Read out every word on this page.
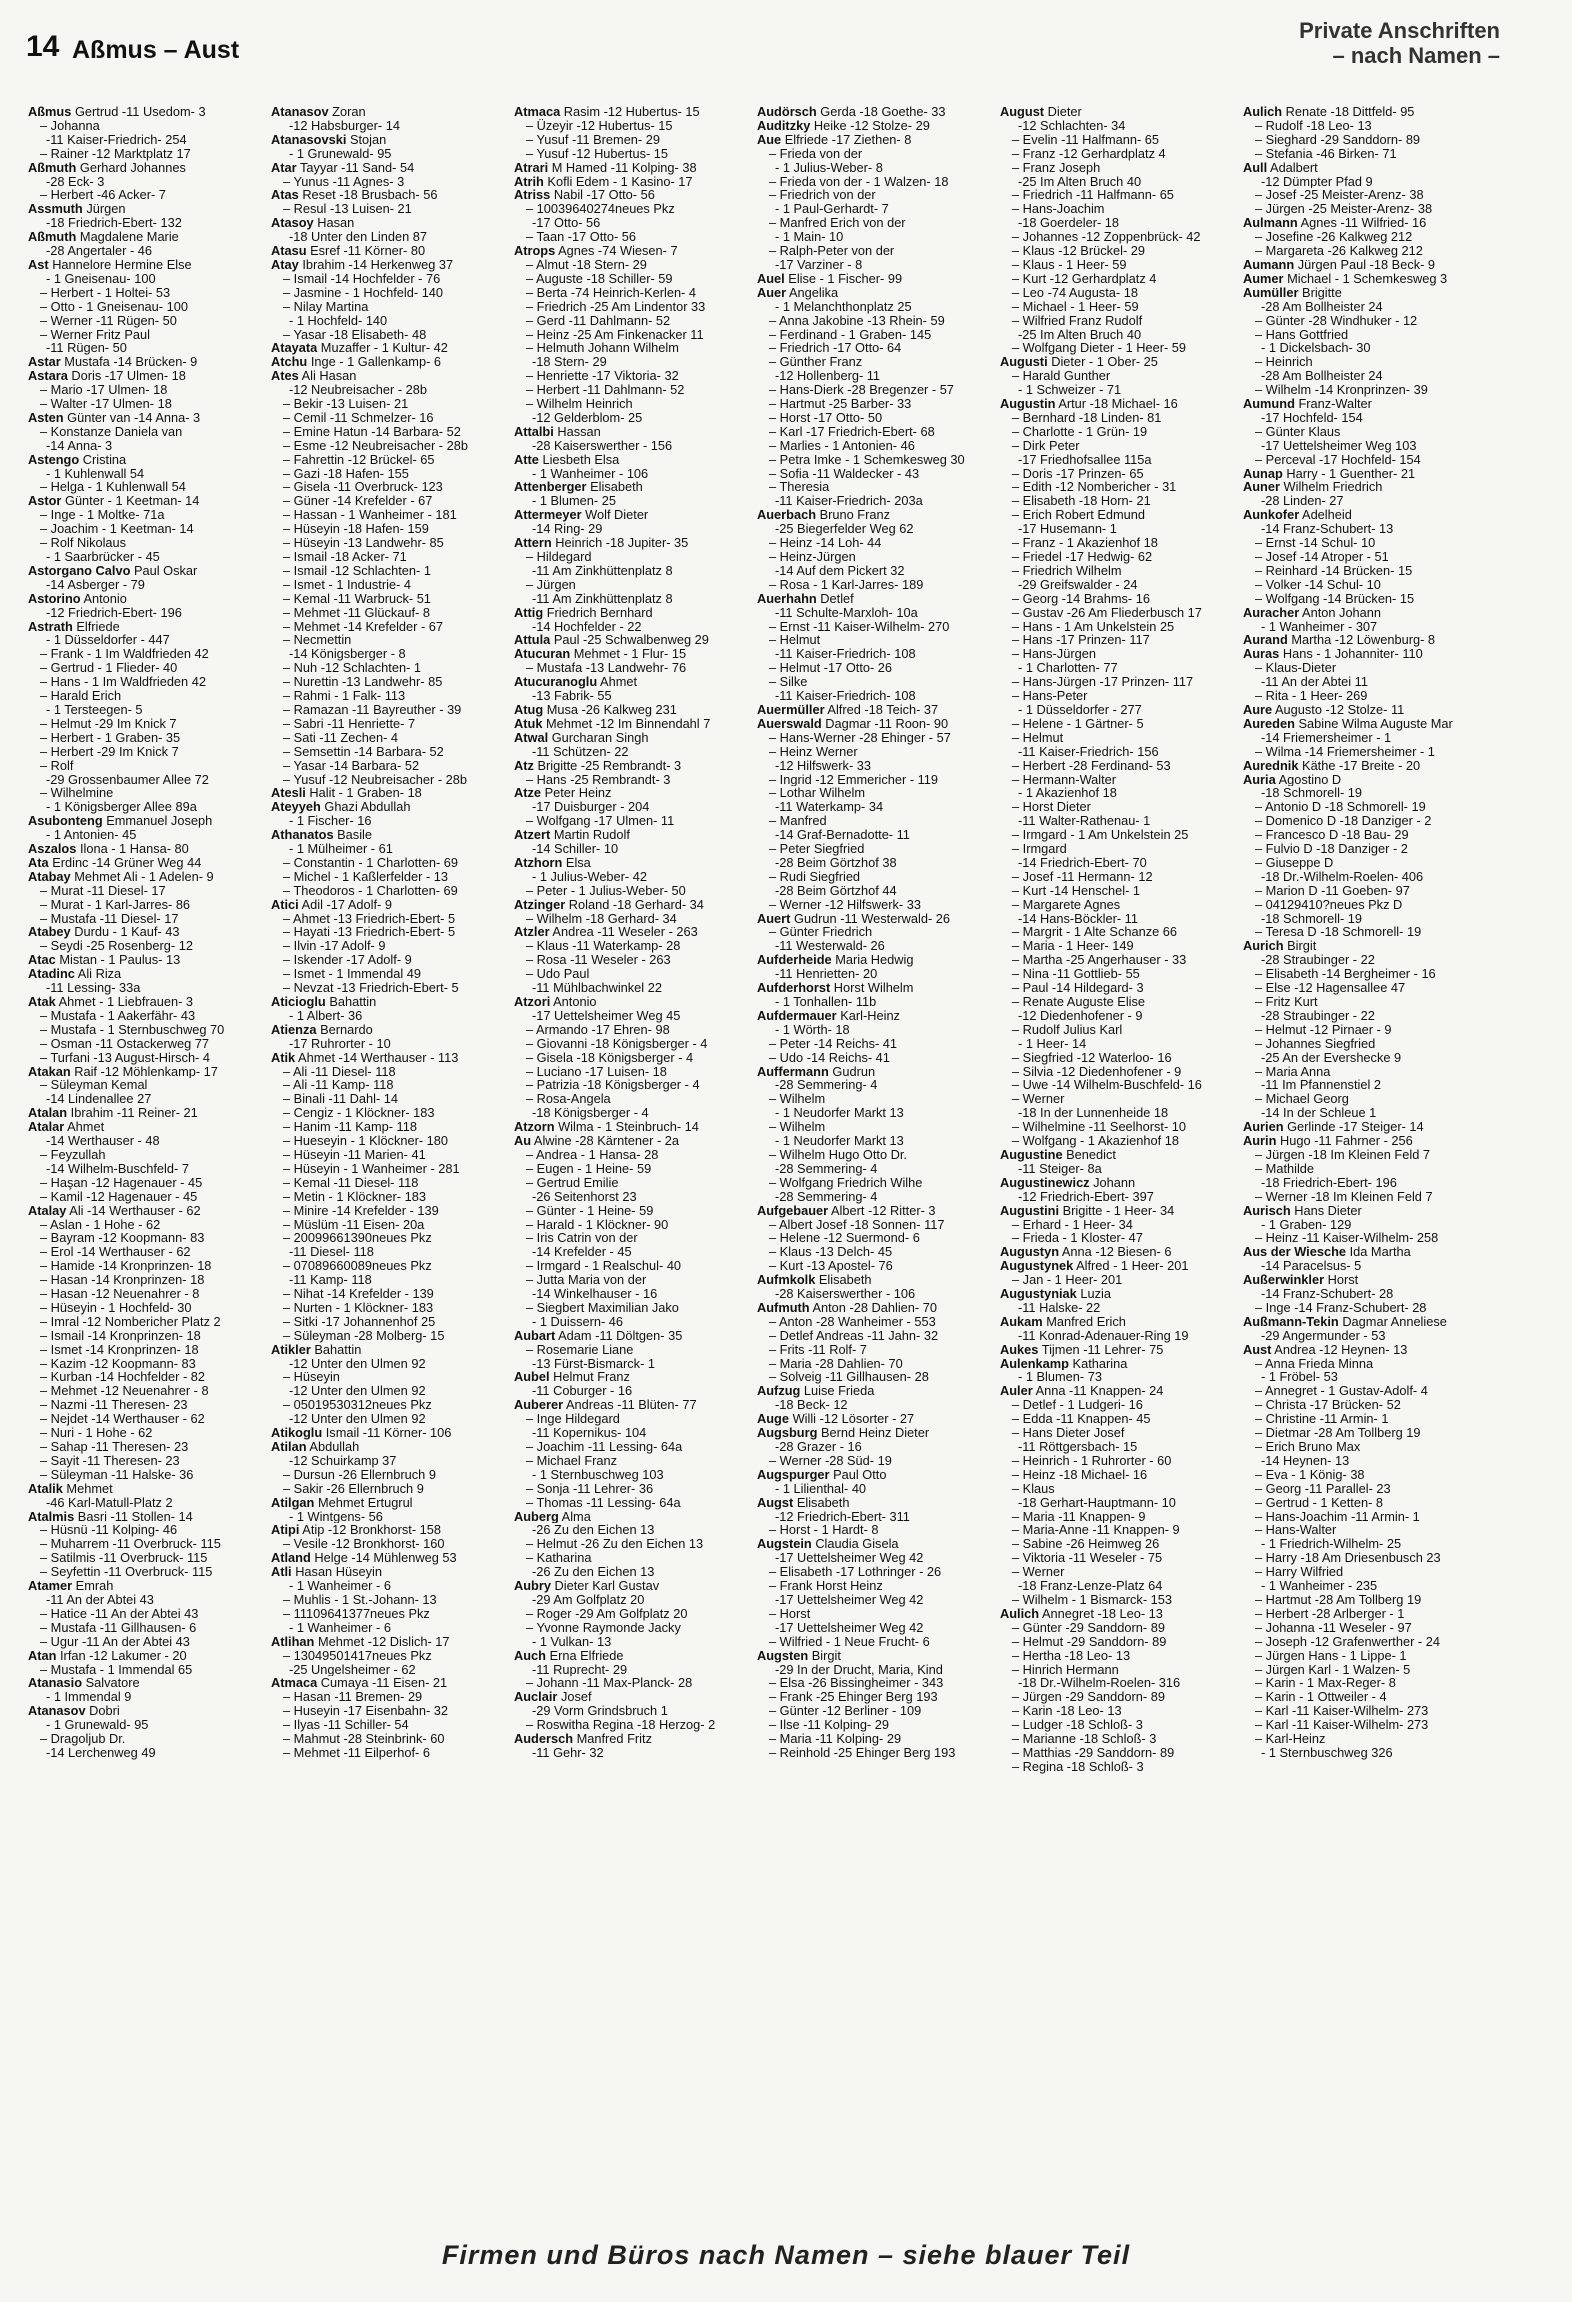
14 Aßmus – Aust
Private Anschriften
– nach Namen –
Aßmus Gertrud -11 Usedom- 3
– Johanna
-11 Kaiser-Friedrich- 254
– Rainer -12 Marktplatz 17
Aßmuth Gerhard Johannes
-28 Eck- 3
– Herbert -46 Acker- 7
Assmuth Jürgen
-18 Friedrich-Ebert- 132
Aßmuth Magdalene Marie
-28 Angertaler - 46
Ast Hannelore Hermine Else
- 1 Gneisenau- 100
– Herbert - 1 Holtei- 53
– Otto - 1 Gneisenau- 100
– Werner -11 Rügen- 50
– Werner Fritz Paul
-11 Rügen- 50
Astar Mustafa -14 Brücken- 9
Astara Doris -17 Ulmen- 18
– Mario -17 Ulmen- 18
– Walter -17 Ulmen- 18
Asten Günter van -14 Anna- 3
– Konstanze Daniela van
-14 Anna- 3
Astengo Cristina
- 1 Kuhlenwall 54
– Helga - 1 Kuhlenwall 54
Astor Günter - 1 Keetman- 14
– Inge - 1 Moltke- 71a
– Joachim - 1 Keetman- 14
– Rolf Nikolaus
- 1 Saarbrücker - 45
Astorgano Calvo Paul Oskar
-14 Asberger - 79
Astorino Antonio
-12 Friedrich-Ebert- 196
Astrath Elfriede
- 1 Düsseldorfer - 447
– Frank - 1 Im Waldfrieden 42
– Gertrud - 1 Flieder- 40
– Hans - 1 Im Waldfrieden 42
– Harald Erich
- 1 Tersteegen- 5
– Helmut -29 Im Knick 7
– Herbert - 1 Graben- 35
– Herbert -29 Im Knick 7
– Rolf
-29 Grossenbaumer Allee 72
– Wilhelmine
- 1 Königsberger Allee 89a
Asubonteng Emmanuel Joseph
- 1 Antonien- 45
Aszalos Ilona - 1 Hansa- 80
Ata Erdinc -14 Grüner Weg 44
Atabay Mehmet Ali - 1 Adelen- 9
– Murat -11 Diesel- 17
– Murat - 1 Karl-Jarres- 86
– Mustafa -11 Diesel- 17
Atabey Durdu - 1 Kauf- 43
– Seydi -25 Rosenberg- 12
Atac Mistan - 1 Paulus- 13
Atadinc Ali Riza
-11 Lessing- 33a
Atak Ahmet - 1 Liebfrauen- 3
– Mustafa - 1 Aakerfähr- 43
– Mustafa - 1 Sternbuschweg 70
– Osman -11 Ostackerweg 77
– Turfani -13 August-Hirsch- 4
Atakan Raif -12 Möhlenkamp- 17
– Süleyman Kemal
-14 Lindenallee 27
Atalan Ibrahim -11 Reiner- 21
Atalar Ahmet
-14 Werthauser - 48
– Feyzullah
-14 Wilhelm-Buschfeld- 7
– Haşan -12 Hagenauer - 45
– Kamil -12 Hagenauer - 45
Atalay Ali -14 Werthauser - 62
– Aslan - 1 Hohe - 62
– Bayram -12 Koopmann- 83
– Erol -14 Werthauser - 62
– Hamide -14 Kronprinzen- 18
– Hasan -14 Kronprinzen- 18
– Hasan -12 Neuenahrer - 8
– Hüseyin - 1 Hochfeld- 30
– Imral -12 Nombericher Platz 2
– Ismail -14 Kronprinzen- 18
– Ismet -14 Kronprinzen- 18
– Kazim -12 Koopmann- 83
– Kurban -14 Hochfelder - 82
– Mehmet -12 Neuenahrer - 8
– Nazmi -11 Theresen- 23
– Nejdet -14 Werthauser - 62
– Nuri - 1 Hohe - 62
– Sahap -11 Theresen- 23
– Sayit -11 Theresen- 23
– Süleyman -11 Halske- 36
Atalik Mehmet
-46 Karl-Matull-Platz 2
Atalmis Basri -11 Stollen- 14
– Hüsnü -11 Kolping- 46
– Muharrem -11 Overbruck- 115
– Satilmis -11 Overbruck- 115
– Seyfettin -11 Overbruck- 115
Atamer Emrah
-11 An der Abtei 43
– Hatice -11 An der Abtei 43
– Mustafa -11 Gillhausen- 6
– Ugur -11 An der Abtei 43
Atan Irfan -12 Lakumer - 20
– Mustafa - 1 Immendal 65
Atanasio Salvatore
- 1 Immendal 9
Atanasov Dobri
- 1 Grunewald- 95
– Dragoljub Dr.
-14 Lerchenweg 49
Atanasov Zoran
-12 Habsburger- 14
Atanasovski Stojan
- 1 Grunewald- 95
Atar Tayyar -11 Sand- 54
– Yunus -11 Agnes- 3
Atas Reset -18 Brusbach- 56
– Resul -13 Luisen- 21
Atasoy Hasan
-18 Unter den Linden 87
Atasu Esref -11 Körner- 80
Atay Ibrahim -14 Herkenweg 37
– Ismail -14 Hochfelder - 76
– Jasmine - 1 Hochfeld- 140
– Nilay Martina
- 1 Hochfeld- 140
– Yasar -18 Elisabeth- 48
Atayata Muzaffer - 1 Kultur- 42
Atchu Inge - 1 Gallenkamp- 6
Ates Ali Hasan
-12 Neubreisacher - 28b
– Bekir -13 Luisen- 21
– Cemil -11 Schmelzer- 16
– Emine Hatun -14 Barbara- 52
– Esme -12 Neubreisacher - 28b
– Fahrettin -12 Brückel- 65
– Gazi -18 Hafen- 155
– Gisela -11 Overbruck- 123
– Güner -14 Krefelder - 67
– Hassan - 1 Wanheimer - 181
– Hüseyin -18 Hafen- 159
– Hüseyin -13 Landwehr- 85
– Ismail -18 Acker- 71
– Ismail -12 Schlachten- 1
– Ismet - 1 Industrie- 4
– Kemal -11 Warbruck- 51
– Mehmet -11 Glückauf- 8
– Mehmet -14 Krefelder - 67
– Necmettin
-14 Königsberger - 8
– Nuh -12 Schlachten- 1
– Nurettin -13 Landwehr- 85
– Rahmi - 1 Falk- 113
– Ramazan -11 Bayreuther - 39
– Sabri -11 Henriette- 7
– Sati -11 Zechen- 4
– Semsettin -14 Barbara- 52
– Yasar -14 Barbara- 52
– Yusuf -12 Neubreisacher - 28b
Atesli Halit - 1 Graben- 18
Ateyyeh Ghazi Abdullah
- 1 Fischer- 16
Athanatos Basile
- 1 Mülheimer - 61
– Constantin - 1 Charlotten- 69
– Michel - 1 Kaßlerfelder - 13
– Theodoros - 1 Charlotten- 69
Atici Adil -17 Adolf- 9
– Ahmet -13 Friedrich-Ebert- 5
– Hayati -13 Friedrich-Ebert- 5
– Ilvin -17 Adolf- 9
– Iskender -17 Adolf- 9
– Ismet - 1 Immendal 49
– Nevzat -13 Friedrich-Ebert- 5
Aticioglu Bahattin
- 1 Albert- 36
Atienza Bernardo
-17 Ruhrorter - 10
Atik Ahmet -14 Werthauser - 113
– Ali -11 Diesel- 118
– Ali -11 Kamp- 118
– Binali -11 Dahl- 14
– Cengiz - 1 Klöckner- 183
– Hanim -11 Kamp- 118
– Hueseyin - 1 Klöckner- 180
– Hüseyin -11 Marien- 41
– Hüseyin - 1 Wanheimer - 281
– Kemal -11 Diesel- 118
– Metin - 1 Klöckner- 183
– Minire -14 Krefelder - 139
– Müslüm -11 Eisen- 20a
– 20099661390neues Pkz
-11 Diesel- 118
– 07089660089neues Pkz
-11 Kamp- 118
– Nihat -14 Krefelder - 139
– Nurten - 1 Klöckner- 183
– Sitki -17 Johannenhof 25
– Süleyman -28 Molberg- 15
Atikler Bahattin
-12 Unter den Ulmen 92
– Hüseyin
-12 Unter den Ulmen 92
– 05019530312neues Pkz
-12 Unter den Ulmen 92
Atikoglu Ismail -11 Körner- 106
Atilan Abdullah
-12 Schuirkamp 37
– Dursun -26 Ellernbruch 9
– Sakir -26 Ellernbruch 9
Atilgan Mehmet Ertugrul
- 1 Wintgens- 56
Atipi Atip -12 Bronkhorst- 158
– Vesile -12 Bronkhorst- 160
Atland Helge -14 Mühlenweg 53
Atli Hasan Hüseyin
- 1 Wanheimer - 6
– Muhlis - 1 St.-Johann- 13
– 11109641377neues Pkz
- 1 Wanheimer - 6
Atlihan Mehmet -12 Dislich- 17
– 13049501417neues Pkz
-25 Ungelsheimer - 62
Atmaca Cumaya -11 Eisen- 21
– Hasan -11 Bremen- 29
– Huseyin -17 Eisenbahn- 32
– Ilyas -11 Schiller- 54
– Mahmut -28 Steinbrink- 60
– Mehmet -11 Eilperhof- 6
Atmaca Rasim -12 Hubertus- 15
– Üzeyir -12 Hubertus- 15
– Yusuf -11 Bremen- 29
– Yusuf -12 Hubertus- 15
Atrari M Hamed -11 Kolping- 38
Atrih Kofli Edem - 1 Kasino- 17
Atriss Nabil -17 Otto- 56
– 10039640274neues Pkz
-17 Otto- 56
– Taan -17 Otto- 56
Atrops Agnes -74 Wiesen- 7
– Almut -18 Stern- 29
– Auguste -18 Schiller- 59
– Berta -74 Heinrich-Kerlen- 4
– Friedrich -25 Am Lindentor 33
– Gerd -11 Dahlmann- 52
– Heinz -25 Am Finkenacker 11
– Helmuth Johann Wilhelm
-18 Stern- 29
– Henriette -17 Viktoria- 32
– Herbert -11 Dahlmann- 52
– Wilhelm Heinrich
-12 Gelderblom- 25
Attalbi Hassan
-28 Kaiserswerther - 156
Atte Liesbeth Elsa
- 1 Wanheimer - 106
Attenberger Elisabeth
- 1 Blumen- 25
Attermeyer Wolf Dieter
-14 Ring- 29
Attern Heinrich -18 Jupiter- 35
– Hildegard
-11 Am Zinkhüttenplatz 8
– Jürgen
-11 Am Zinkhüttenplatz 8
Attig Friedrich Bernhard
-14 Hochfelder - 22
Attula Paul -25 Schwalbenweg 29
Atucuran Mehmet - 1 Flur- 15
– Mustafa -13 Landwehr- 76
Atucuranoglu Ahmet
-13 Fabrik- 55
Atug Musa -26 Kalkweg 231
Atuk Mehmet -12 Im Binnendahl 7
Atwal Gurcharan Singh
-11 Schützen- 22
Atz Brigitte -25 Rembrandt- 3
– Hans -25 Rembrandt- 3
Atze Peter Heinz
-17 Duisburger - 204
– Wolfgang -17 Ulmen- 11
Atzert Martin Rudolf
-14 Schiller- 10
Atzhorn Elsa
- 1 Julius-Weber- 42
– Peter - 1 Julius-Weber- 50
Atzinger Roland -18 Gerhard- 34
– Wilhelm -18 Gerhard- 34
Atzler Andrea -11 Weseler - 263
– Klaus -11 Waterkamp- 28
– Rosa -11 Weseler - 263
– Udo Paul
-11 Mühlbachwinkel 22
Atzori Antonio
-17 Uettelsheimer Weg 45
– Armando -17 Ehren- 98
– Giovanni -18 Königsberger - 4
– Gisela -18 Königsberger - 4
– Luciano -17 Luisen- 18
– Patrizia -18 Königsberger - 4
– Rosa-Angela
-18 Königsberger - 4
Atzorn Wilma - 1 Steinbruch- 14
Au Alwine -28 Kärntener - 2a
– Andrea - 1 Hansa- 28
– Eugen - 1 Heine- 59
– Gertrud Emilie
-26 Seitenhorst 23
– Günter - 1 Heine- 59
– Harald - 1 Klöckner- 90
– Iris Catrin von der
-14 Krefelder - 45
– Irmgard - 1 Realschul- 40
– Jutta Maria von der
-14 Winkelhauser - 16
– Siegbert Maximilian Jako
- 1 Duissern- 46
Aubart Adam -11 Döltgen- 35
– Rosemarie Liane
-13 Fürst-Bismarck- 1
Aubel Helmut Franz
-11 Coburger - 16
Auberer Andreas -11 Blüten- 77
– Inge Hildegard
-11 Kopernikus- 104
– Joachim -11 Lessing- 64a
– Michael Franz
- 1 Sternbuschweg 103
– Sonja -11 Lehrer- 36
– Thomas -11 Lessing- 64a
Auberg Alma
-26 Zu den Eichen 13
– Helmut -26 Zu den Eichen 13
– Katharina
-26 Zu den Eichen 13
Aubry Dieter Karl Gustav
-29 Am Golfplatz 20
– Roger -29 Am Golfplatz 20
– Yvonne Raymonde Jacky
- 1 Vulkan- 13
Auch Erna Elfriede
-11 Ruprecht- 29
– Johann -11 Max-Planck- 28
Auclair Josef
-29 Vorm Grindsbruch 1
– Roswitha Regina -18 Herzog- 2
Audersch Manfred Fritz
-11 Gehr- 32
Audörsch Gerda -18 Goethe- 33
Auditzky Heike -12 Stolze- 29
Aue Elfriede -17 Ziethen- 8
– Frieda von der
- 1 Julius-Weber- 8
– Frieda von der - 1 Walzen- 18
– Friedrich von der
- 1 Paul-Gerhardt- 7
– Manfred Erich von der
- 1 Main- 10
– Ralph-Peter von der
-17 Varziner - 8
Auel Elise - 1 Fischer- 99
Auer Angelika
- 1 Melanchthonplatz 25
– Anna Jakobine -13 Rhein- 59
– Ferdinand - 1 Graben- 145
– Friedrich -17 Otto- 64
– Günther Franz
-12 Hollenberg- 11
– Hans-Dierk -28 Bregenzer - 57
– Hartmut -25 Barber- 33
– Horst -17 Otto- 50
– Karl -17 Friedrich-Ebert- 68
– Marlies - 1 Antonien- 46
– Petra Imke - 1 Schemkesweg 30
– Sofia -11 Waldecker - 43
– Theresia
-11 Kaiser-Friedrich- 203a
Auerbach Bruno Franz
-25 Biegerfelder Weg 62
– Heinz -14 Loh- 44
– Heinz-Jürgen
-14 Auf dem Pickert 32
– Rosa - 1 Karl-Jarres- 189
Auerhahn Detlef
-11 Schulte-Marxloh- 10a
– Ernst -11 Kaiser-Wilhelm- 270
– Helmut
-11 Kaiser-Friedrich- 108
– Helmut -17 Otto- 26
– Silke
-11 Kaiser-Friedrich- 108
Auermüller Alfred -18 Teich- 37
Auerswald Dagmar -11 Roon- 90
– Hans-Werner -28 Ehinger - 57
– Heinz Werner
-12 Hilfswerk- 33
– Ingrid -12 Emmericher - 119
– Lothar Wilhelm
-11 Waterkamp- 34
– Manfred
-14 Graf-Bernadotte- 11
– Peter Siegfried
-28 Beim Görtzhof 38
– Rudi Siegfried
-28 Beim Görtzhof 44
– Werner -12 Hilfswerk- 33
Auert Gudrun -11 Westerwald- 26
– Günter Friedrich
-11 Westerwald- 26
Aufderheide Maria Hedwig
-11 Henrietten- 20
Aufderhorst Horst Wilhelm
- 1 Tonhallen- 11b
Aufdermauer Karl-Heinz
- 1 Wörth- 18
– Peter -14 Reichs- 41
– Udo -14 Reichs- 41
Auffermann Gudrun
-28 Semmering- 4
– Wilhelm
- 1 Neudorfer Markt 13
– Wilhelm
- 1 Neudorfer Markt 13
– Wilhelm Hugo Otto Dr.
-28 Semmering- 4
– Wolfgang Friedrich Wilhe
-28 Semmering- 4
Aufgebauer Albert -12 Ritter- 3
– Albert Josef -18 Sonnen- 117
– Helene -12 Suermond- 6
– Klaus -13 Delch- 45
– Kurt -13 Apostel- 76
Aufmkolk Elisabeth
-28 Kaiserswerther - 106
Aufmuth Anton -28 Dahlien- 70
– Anton -28 Wanheimer - 553
– Detlef Andreas -11 Jahn- 32
– Frits -11 Rolf- 7
– Maria -28 Dahlien- 70
– Solveig -11 Gillhausen- 28
Aufzug Luise Frieda
-18 Beck- 12
Auge Willi -12 Lösorter - 27
Augsburg Bernd Heinz Dieter
-28 Grazer - 16
– Werner -28 Süd- 19
Augspurger Paul Otto
- 1 Lilienthal- 40
Augst Elisabeth
-12 Friedrich-Ebert- 311
– Horst - 1 Hardt- 8
Augstein Claudia Gisela
-17 Uettelsheimer Weg 42
– Elisabeth -17 Lothringer - 26
– Frank Horst Heinz
-17 Uettelsheimer Weg 42
– Horst
-17 Uettelsheimer Weg 42
– Wilfried - 1 Neue Frucht- 6
Augsten Birgit
-29 In der Drucht, Maria, Kind
– Elsa -26 Bissingheimer - 343
– Frank -25 Ehinger Berg 193
– Günter -12 Berliner - 109
– Ilse -11 Kolping- 29
– Maria -11 Kolping- 29
– Reinhold -25 Ehinger Berg 193
August Dieter
-12 Schlachten- 34
– Evelin -11 Halfmann- 65
– Franz -12 Gerhardplatz 4
– Franz Joseph
-25 Im Alten Bruch 40
– Friedrich -11 Halfmann- 65
– Hans-Joachim
-18 Goerdeler- 18
– Johannes -12 Zoppenbrück- 42
– Klaus -12 Brückel- 29
– Klaus - 1 Heer- 59
– Kurt -12 Gerhardplatz 4
– Leo -74 Augusta- 18
– Michael - 1 Heer- 59
– Wilfried Franz Rudolf
-25 Im Alten Bruch 40
– Wolfgang Dieter - 1 Heer- 59
Augusti Dieter - 1 Ober- 25
– Harald Gunther
- 1 Schweizer - 71
Augustin Artur -18 Michael- 16
– Bernhard -18 Linden- 81
– Charlotte - 1 Grün- 19
– Dirk Peter
-17 Friedhofsallee 115a
– Doris -17 Prinzen- 65
– Edith -12 Nombericher - 31
– Elisabeth -18 Horn- 21
– Erich Robert Edmund
-17 Husemann- 1
– Franz - 1 Akazienhof 18
– Friedel -17 Hedwig- 62
– Friedrich Wilhelm
-29 Greifswalder - 24
– Georg -14 Brahms- 16
– Gustav -26 Am Fliederbusch 17
– Hans - 1 Am Unkelstein 25
– Hans -17 Prinzen- 117
– Hans-Jürgen
- 1 Charlotten- 77
– Hans-Jürgen -17 Prinzen- 117
– Hans-Peter
- 1 Düsseldorfer - 277
– Helene - 1 Gärtner- 5
– Helmut
-11 Kaiser-Friedrich- 156
– Herbert -28 Ferdinand- 53
– Hermann-Walter
- 1 Akazienhof 18
– Horst Dieter
-11 Walter-Rathenau- 1
– Irmgard - 1 Am Unkelstein 25
– Irmgard
-14 Friedrich-Ebert- 70
– Josef -11 Hermann- 12
– Kurt -14 Henschel- 1
– Margarete Agnes
-14 Hans-Böckler- 11
– Margrit - 1 Alte Schanze 66
– Maria - 1 Heer- 149
– Martha -25 Angerhauser - 33
– Nina -11 Gottlieb- 55
– Paul -14 Hildegard- 3
– Renate Auguste Elise
-12 Diedenhofener - 9
– Rudolf Julius Karl
- 1 Heer- 14
– Siegfried -12 Waterloo- 16
– Silvia -12 Diedenhofener - 9
– Uwe -14 Wilhelm-Buschfeld- 16
– Werner
-18 In der Lunnenheide 18
– Wilhelmine -11 Seelhorst- 10
– Wolfgang - 1 Akazienhof 18
Augustine Benedict
-11 Steiger- 8a
Augustinewicz Johann
-12 Friedrich-Ebert- 397
Augustini Brigitte - 1 Heer- 34
– Erhard - 1 Heer- 34
– Frieda - 1 Kloster- 47
Augustyn Anna -12 Biesen- 6
Augustynek Alfred - 1 Heer- 201
– Jan - 1 Heer- 201
Augustyniak Luzia
-11 Halske- 22
Aukam Manfred Erich
-11 Konrad-Adenauer-Ring 19
Aukes Tijmen -11 Lehrer- 75
Aulenkamp Katharina
- 1 Blumen- 73
Auler Anna -11 Knappen- 24
– Detlef - 1 Ludgeri- 16
– Edda -11 Knappen- 45
– Hans Dieter Josef
-11 Röttgersbach- 15
– Heinrich - 1 Ruhrorter - 60
– Heinz -18 Michael- 16
– Klaus
-18 Gerhart-Hauptmann- 10
– Maria -11 Knappen- 9
– Maria-Anne -11 Knappen- 9
– Sabine -26 Heimweg 26
– Viktoria -11 Weseler - 75
– Werner
-18 Franz-Lenze-Platz 64
– Wilhelm - 1 Bismarck- 153
Aulich Annegret -18 Leo- 13
– Günter -29 Sanddorn- 89
– Helmut -29 Sanddorn- 89
– Hertha -18 Leo- 13
– Hinrich Hermann
-18 Dr.-Wilhelm-Roelen- 316
– Jürgen -29 Sanddorn- 89
– Karin -18 Leo- 13
– Ludger -18 Schloß- 3
– Marianne -18 Schloß- 3
– Matthias -29 Sanddorn- 89
– Regina -18 Schloß- 3
Aulich Renate -18 Dittfeld- 95
– Rudolf -18 Leo- 13
– Sieghard -29 Sanddorn- 89
– Stefania -46 Birken- 71
Aull Adalbert
-12 Dümpter Pfad 9
– Josef -25 Meister-Arenz- 38
– Jürgen -25 Meister-Arenz- 38
Aulmann Agnes -11 Wilfried- 16
– Josefine -26 Kalkweg 212
– Margareta -26 Kalkweg 212
Aumann Jürgen Paul -18 Beck- 9
Aumer Michael - 1 Schemkesweg 3
Aumüller Brigitte
-28 Am Bollheister 24
– Günter -28 Windhuker - 12
– Hans Gottfried
- 1 Dickelsbach- 30
– Heinrich
-28 Am Bollheister 24
– Wilhelm -14 Kronprinzen- 39
Aumund Franz-Walter
-17 Hochfeld- 154
– Günter Klaus
-17 Uettelsheimer Weg 103
– Perceval -17 Hochfeld- 154
Aunap Harry - 1 Guenther- 21
Auner Wilhelm Friedrich
-28 Linden- 27
Aunkofer Adelheid
-14 Franz-Schubert- 13
– Ernst -14 Schul- 10
– Josef -14 Atroper - 51
– Reinhard -14 Brücken- 15
– Volker -14 Schul- 10
– Wolfgang -14 Brücken- 15
Auracher Anton Johann
- 1 Wanheimer - 307
Aurand Martha -12 Löwenburg- 8
Auras Hans - 1 Johanniter- 110
– Klaus-Dieter
-11 An der Abtei 11
– Rita - 1 Heer- 269
Aure Augusto -12 Stolze- 11
Aureden Sabine Wilma Auguste Mar
-14 Friemersheimer - 1
– Wilma -14 Friemersheimer - 1
Aurednik Käthe -17 Breite - 20
Auria Agostino D
-18 Schmorell- 19
– Antonio D -18 Schmorell- 19
– Domenico D -18 Danziger - 2
– Francesco D -18 Bau- 29
– Fulvio D -18 Danziger - 2
– Giuseppe D
-18 Dr.-Wilhelm-Roelen- 406
– Marion D -11 Goeben- 97
– 04129410?neues Pkz D
-18 Schmorell- 19
– Teresa D -18 Schmorell- 19
Aurich Birgit
-28 Straubinger - 22
– Elisabeth -14 Bergheimer - 16
– Else -12 Hagensallee 47
– Fritz Kurt
-28 Straubinger - 22
– Helmut -12 Pirnaer - 9
– Johannes Siegfried
-25 An der Evershecke 9
– Maria Anna
-11 Im Pfannenstiel 2
– Michael Georg
-14 In der Schleue 1
Aurien Gerlinde -17 Steiger- 14
Aurin Hugo -11 Fahrner - 256
– Jürgen -18 Im Kleinen Feld 7
– Mathilde
-18 Friedrich-Ebert- 196
– Werner -18 Im Kleinen Feld 7
Aurisch Hans Dieter
- 1 Graben- 129
– Heinz -11 Kaiser-Wilhelm- 258
Aus der Wiesche Ida Martha
-14 Paracelsus- 5
Außerwinkler Horst
-14 Franz-Schubert- 28
– Inge -14 Franz-Schubert- 28
Außmann-Tekin Dagmar Anneliese
-29 Angermunder - 53
Aust Andrea -12 Heynen- 13
– Anna Frieda Minna
- 1 Fröbel- 53
– Annegret - 1 Gustav-Adolf- 4
– Christa -17 Brücken- 52
– Christine -11 Armin- 1
– Dietmar -28 Am Tollberg 19
– Erich Bruno Max
-14 Heynen- 13
– Eva - 1 König- 38
– Georg -11 Parallel- 23
– Gertrud - 1 Ketten- 8
– Hans-Joachim -11 Armin- 1
– Hans-Walter
- 1 Friedrich-Wilhelm- 25
– Harry -18 Am Driesenbusch 23
– Harry Wilfried
- 1 Wanheimer - 235
– Hartmut -28 Am Tollberg 19
– Herbert -28 Arlberger - 1
– Johanna -11 Weseler - 97
– Joseph -12 Grafenwerther - 24
– Jürgen Hans - 1 Lippe- 1
– Jürgen Karl - 1 Walzen- 5
– Karin - 1 Max-Reger- 8
– Karin - 1 Ottweiler - 4
– Karl -11 Kaiser-Wilhelm- 273
– Karl -11 Kaiser-Wilhelm- 273
– Karl-Heinz
- 1 Sternbuschweg 326
Firmen und Büros nach Namen – siehe blauer Teil
